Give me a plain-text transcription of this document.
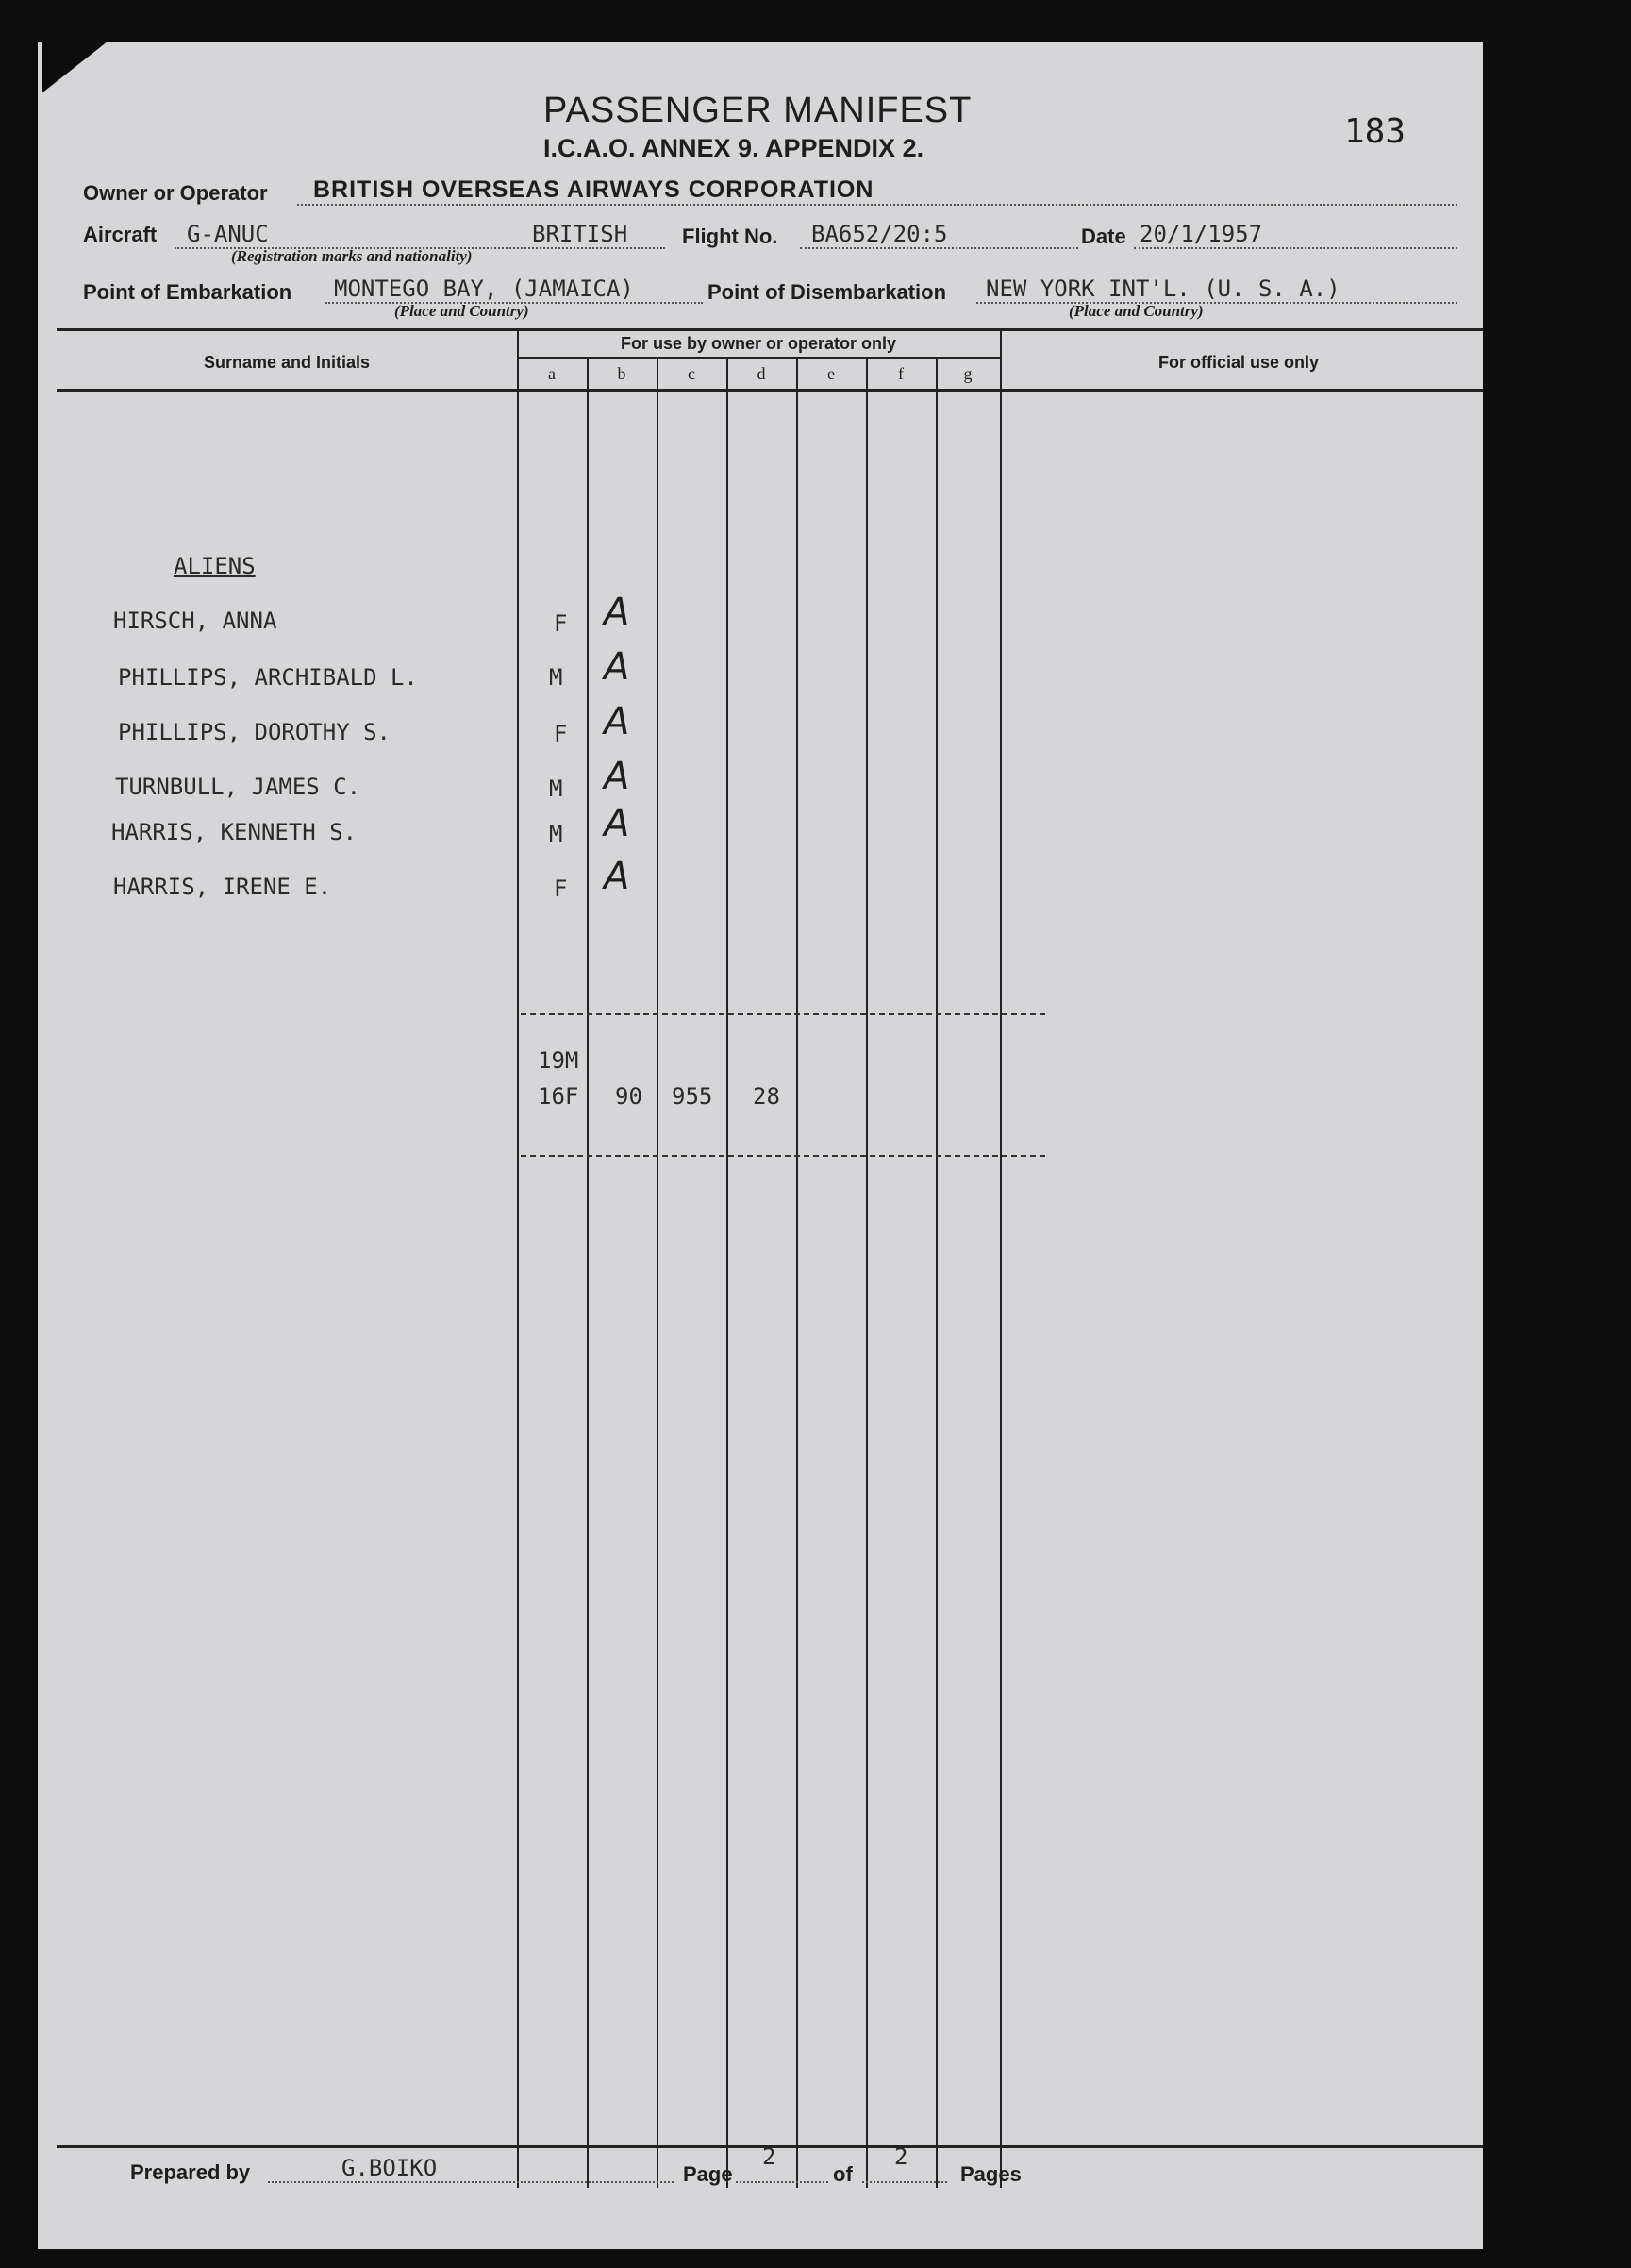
PASSENGER MANIFEST
I.C.A.O. ANNEX 9. APPENDIX 2.	183
Owner or Operator BRITISH OVERSEAS AIRWAYS CORPORATION
Aircraft G-ANUC	BRITISH	Flight No. BA652/20:5	Date 20/1/1957
(Registration marks and nationality)
Point of Embarkation MONTEGO BAY, (JAMAICA)	Point of Disembarkation NEW YORK INT'L. (U. S. A.)
(Place and Country)	(Place and Country)
Surname and Initials
For use by owner or operator only
For official use only
a	b	c	d	e	f	g
ALIENS
HIRSCH, ANNA	F A
PHILLIPS, ARCHIBALD L.	M A
PHILLIPS, DOROTHY S.	F A
TURNBULL, JAMES C.	M A
HARRIS, KENNETH S.	M A
HARRIS, IRENE E.	F A
19M
16F 90 955 28
Prepared by	G.BOIKO	Page
2
of
2
Pages
